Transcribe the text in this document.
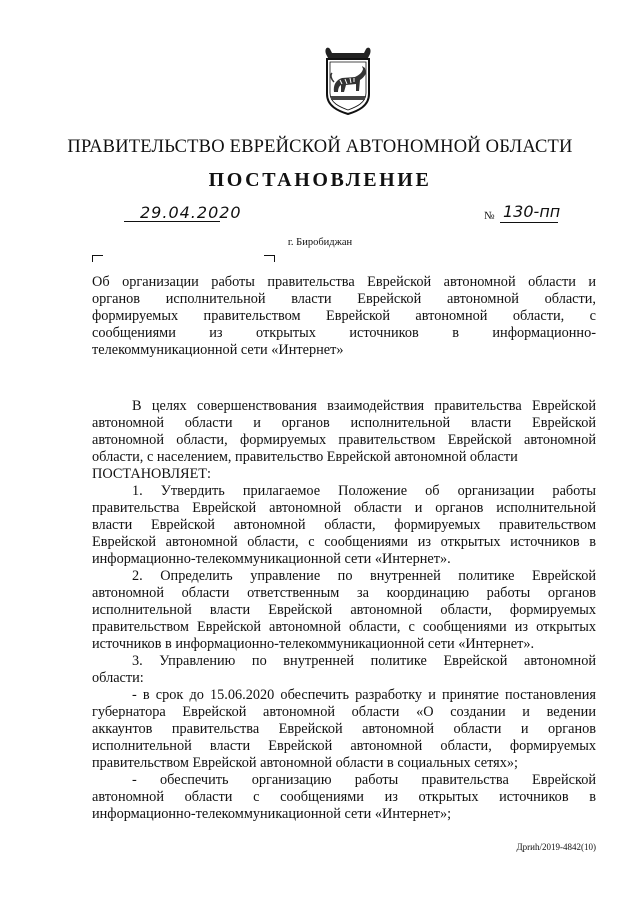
ПРАВИТЕЛЬСТВО ЕВРЕЙСКОЙ АВТОНОМНОЙ ОБЛАСТИ
ПОСТАНОВЛЕНИЕ
29.04.2020	№ 130-пп
г. Биробиджан
Об организации работы правительства Еврейской автономной области и
органов исполнительной власти Еврейской автономной области,
формируемых правительством Еврейской автономной области, с
сообщениями из открытых источников в информационно-
телекоммуникационной сети «Интернет»
В целях совершенствования взаимодействия правительства Еврейской
автономной области и органов исполнительной власти Еврейской
автономной области, формируемых правительством Еврейской автономной
области, с населением, правительство Еврейской автономной области
ПОСТАНОВЛЯЕТ:
1. Утвердить прилагаемое Положение об организации работы
правительства Еврейской автономной области и органов исполнительной
власти Еврейской автономной области, формируемых правительством
Еврейской автономной области, с сообщениями из открытых источников в
информационно-телекоммуникационной сети «Интернет».
2. Определить управление по внутренней политике Еврейской
автономной области ответственным за координацию работы органов
исполнительной власти Еврейской автономной области, формируемых
правительством Еврейской автономной области, с сообщениями из открытых
источников в информационно-телекоммуникационной сети «Интернет».
3. Управлению по внутренней политике Еврейской автономной
области:
- в срок до 15.06.2020 обеспечить разработку и принятие постановления
губернатора Еврейской автономной области «О создании и ведении
аккаунтов правительства Еврейской автономной области и органов
исполнительной власти Еврейской автономной области, формируемых
правительством Еврейской автономной области в социальных сетях»;
- обеспечить организацию работы правительства Еврейской
автономной области с сообщениями из открытых источников в
информационно-телекоммуникационной сети «Интернет»;
Дprиh/2019-4842(10)
